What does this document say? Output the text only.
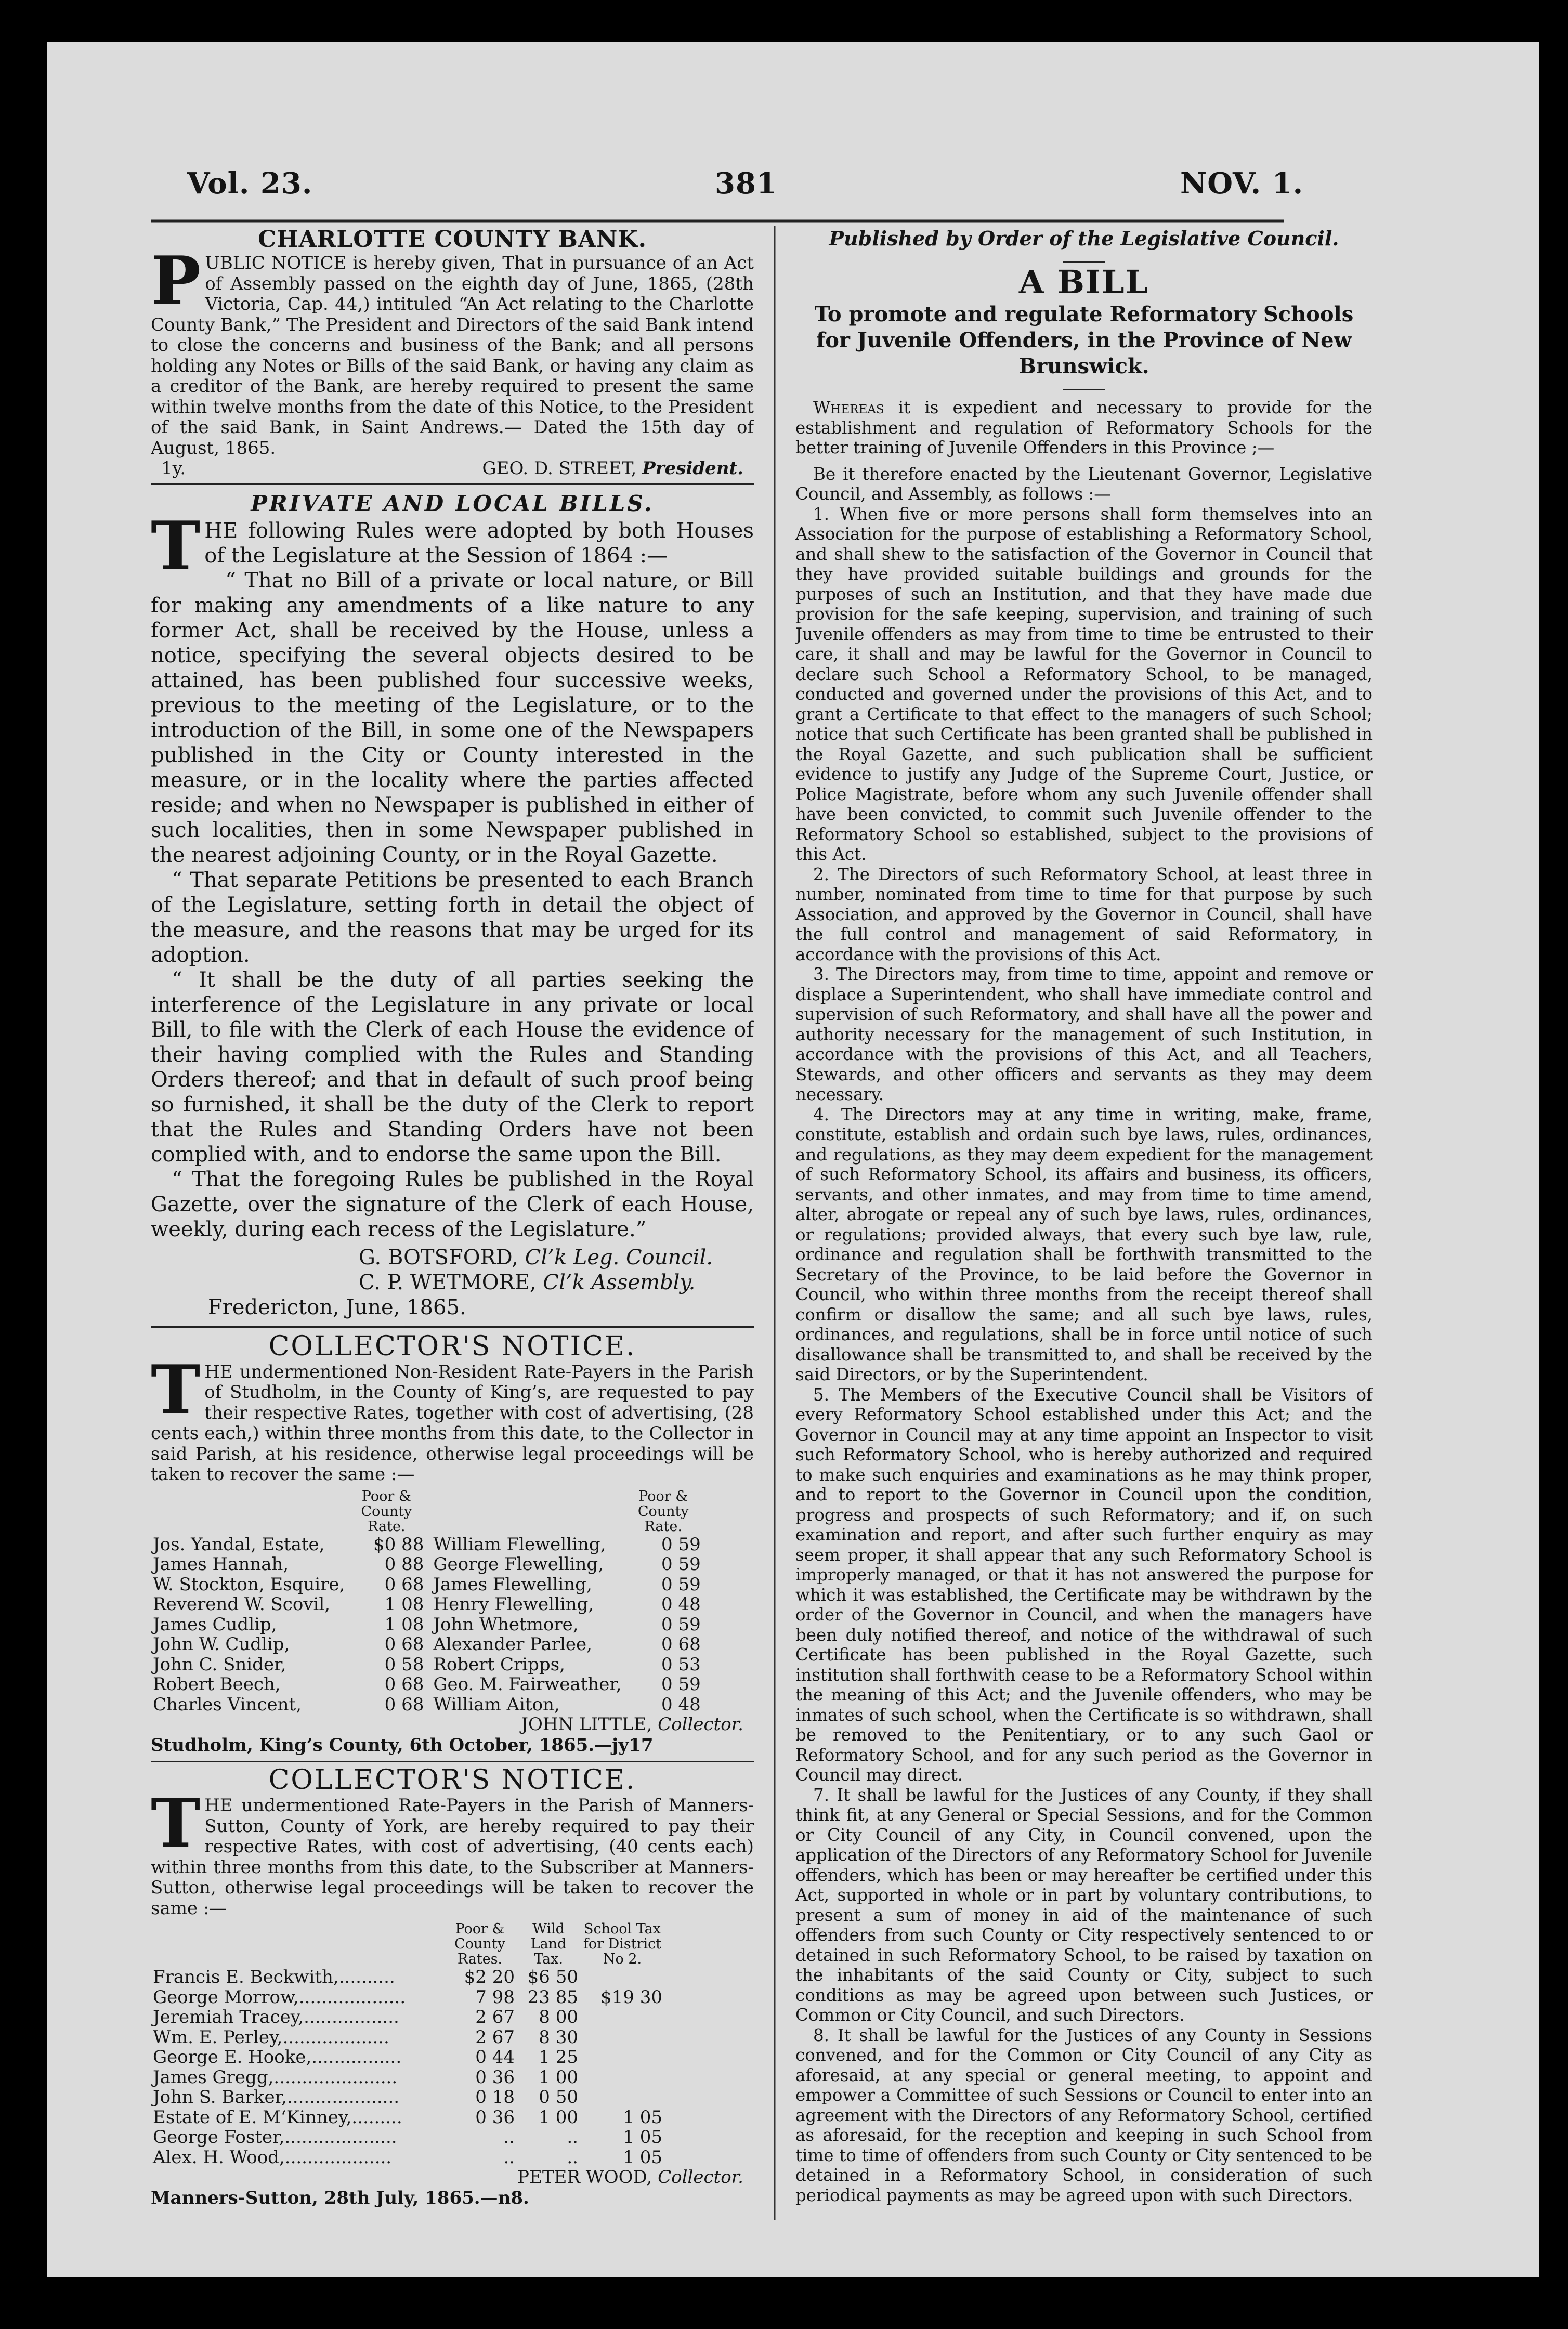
Vol. 23.	381	NOV. 1.
CHARLOTTE COUNTY BANK.

PUBLIC NOTICE is hereby given, That in pursuance of an Act of Assembly passed on the eighth day of June, 1865, (28th Victoria, Cap. 44,) intituled “An Act relating to the Charlotte County Bank,” The President and Directors of the said Bank intend to close the concerns and business of the Bank; and all persons holding any Notes or Bills of the said Bank, or having any claim as a creditor of the Bank, are hereby required to present the same within twelve months from the date of this Notice, to the President of the said Bank, in Saint Andrews.— Dated the 15th day of August, 1865.

1y.	GEO. D. STREET, President.
PRIVATE AND LOCAL BILLS.

THE following Rules were adopted by both Houses of the Legislature at the Session of 1864 :—

“ That no Bill of a private or local nature, or Bill for making any amendments of a like nature to any former Act, shall be received by the House, unless a notice, specifying the several objects desired to be attained, has been published four successive weeks, previous to the meeting of the Legislature, or to the introduction of the Bill, in some one of the Newspapers published in the City or County interested in the measure, or in the locality where the parties affected reside; and when no Newspaper is published in either of such localities, then in some Newspaper published in the nearest adjoining County, or in the Royal Gazette.

“ That separate Petitions be presented to each Branch of the Legislature, setting forth in detail the object of the measure, and the reasons that may be urged for its adoption.

“ It shall be the duty of all parties seeking the interference of the Legislature in any private or local Bill, to file with the Clerk of each House the evidence of their having complied with the Rules and Standing Orders thereof; and that in default of such proof being so furnished, it shall be the duty of the Clerk to report that the Rules and Standing Orders have not been complied with, and to endorse the same upon the Bill.

“ That the foregoing Rules be published in the Royal Gazette, over the signature of the Clerk of each House, weekly, during each recess of the Legislature.”

G. BOTSFORD, Cl’k Leg. Council.
C. P. WETMORE, Cl’k Assembly.
Fredericton, June, 1865.
COLLECTOR'S NOTICE.

THE undermentioned Non-Resident Rate-Payers in the Parish of Studholm, in the County of King’s, are requested to pay their respective Rates, together with cost of advertising, (28 cents each,) within three months from this date, to the Collector in said Parish, at his residence, otherwise legal proceedings will be taken to recover the same :—

	Poor & County Rate.		Poor & County Rate.
Jos. Yandal, Estate,	$0 88	William Flewelling,	0 59
James Hannah,	0 88	George Flewelling,	0 59
W. Stockton, Esquire,	0 68	James Flewelling,	0 59
Reverend W. Scovil,	1 08	Henry Flewelling,	0 48
James Cudlip,	1 08	John Whetmore,	0 59
John W. Cudlip,	0 68	Alexander Parlee,	0 68
John C. Snider,	0 58	Robert Cripps,	0 53
Robert Beech,	0 68	Geo. M. Fairweather,	0 59
Charles Vincent,	0 68	William Aiton,	0 48
JOHN LITTLE, Collector.
Studholm, King’s County, 6th October, 1865.—jy17
COLLECTOR'S NOTICE.

THE undermentioned Rate-Payers in the Parish of Manners-Sutton, County of York, are hereby required to pay their respective Rates, with cost of advertising, (40 cents each) within three months from this date, to the Subscriber at Manners-Sutton, otherwise legal proceedings will be taken to recover the same :—

	Poor & County Rates.	Wild Land Tax.	School Tax for District No 2.
Francis E. Beckwith,..........	$2 20	$6 50	
George Morrow,...................	7 98	23 85	$19 30
Jeremiah Tracey,.................	2 67	8 00	
Wm. E. Perley,...................	2 67	8 30	
George E. Hooke,................	0 44	1 25	
James Gregg,......................	0 36	1 00	
John S. Barker,....................	0 18	0 50	
Estate of E. M‘Kinney,.........	0 36	1 00	1 05
George Foster,....................	..	..	1 05
Alex. H. Wood,...................	..	..	1 05
PETER WOOD, Collector.
Manners-Sutton, 28th July, 1865.—n8.
Published by Order of the Legislative Council.
A BILL
To promote and regulate Reformatory Schools for Juvenile Offenders, in the Province of New Brunswick.

Whereas it is expedient and necessary to provide for the establishment and regulation of Reformatory Schools for the better training of Juvenile Offenders in this Province ;—

Be it therefore enacted by the Lieutenant Governor, Legislative Council, and Assembly, as follows :—

1. When five or more persons shall form themselves into an Association for the purpose of establishing a Reformatory School, and shall shew to the satisfaction of the Governor in Council that they have provided suitable buildings and grounds for the purposes of such an Institution, and that they have made due provision for the safe keeping, supervision, and training of such Juvenile offenders as may from time to time be entrusted to their care, it shall and may be lawful for the Governor in Council to declare such School a Reformatory School, to be managed, conducted and governed under the provisions of this Act, and to grant a Certificate to that effect to the managers of such School; notice that such Certificate has been granted shall be published in the Royal Gazette, and such publication shall be sufficient evidence to justify any Judge of the Supreme Court, Justice, or Police Magistrate, before whom any such Juvenile offender shall have been convicted, to commit such Juvenile offender to the Reformatory School so established, subject to the provisions of this Act.

2. The Directors of such Reformatory School, at least three in number, nominated from time to time for that purpose by such Association, and approved by the Governor in Council, shall have the full control and management of said Reformatory, in accordance with the provisions of this Act.

3. The Directors may, from time to time, appoint and remove or displace a Superintendent, who shall have immediate control and supervision of such Reformatory, and shall have all the power and authority necessary for the management of such Institution, in accordance with the provisions of this Act, and all Teachers, Stewards, and other officers and servants as they may deem necessary.

4. The Directors may at any time in writing, make, frame, constitute, establish and ordain such bye laws, rules, ordinances, and regulations, as they may deem expedient for the management of such Reformatory School, its affairs and business, its officers, servants, and other inmates, and may from time to time amend, alter, abrogate or repeal any of such bye laws, rules, ordinances, or regulations; provided always, that every such bye law, rule, ordinance and regulation shall be forthwith transmitted to the Secretary of the Province, to be laid before the Governor in Council, who within three months from the receipt thereof shall confirm or disallow the same; and all such bye laws, rules, ordinances, and regulations, shall be in force until notice of such disallowance shall be transmitted to, and shall be received by the said Directors, or by the Superintendent.

5. The Members of the Executive Council shall be Visitors of every Reformatory School established under this Act; and the Governor in Council may at any time appoint an Inspector to visit such Reformatory School, who is hereby authorized and required to make such enquiries and examinations as he may think proper, and to report to the Governor in Council upon the condition, progress and prospects of such Reformatory; and if, on such examination and report, and after such further enquiry as may seem proper, it shall appear that any such Reformatory School is improperly managed, or that it has not answered the purpose for which it was established, the Certificate may be withdrawn by the order of the Governor in Council, and when the managers have been duly notified thereof, and notice of the withdrawal of such Certificate has been published in the Royal Gazette, such institution shall forthwith cease to be a Reformatory School within the meaning of this Act; and the Juvenile offenders, who may be inmates of such school, when the Certificate is so withdrawn, shall be removed to the Penitentiary, or to any such Gaol or Reformatory School, and for any such period as the Governor in Council may direct.

7. It shall be lawful for the Justices of any County, if they shall think fit, at any General or Special Sessions, and for the Common or City Council of any City, in Council convened, upon the application of the Directors of any Reformatory School for Juvenile offenders, which has been or may hereafter be certified under this Act, supported in whole or in part by voluntary contributions, to present a sum of money in aid of the maintenance of such offenders from such County or City respectively sentenced to or detained in such Reformatory School, to be raised by taxation on the inhabitants of the said County or City, subject to such conditions as may be agreed upon between such Justices, or Common or City Council, and such Directors.

8. It shall be lawful for the Justices of any County in Sessions convened, and for the Common or City Council of any City as aforesaid, at any special or general meeting, to appoint and empower a Committee of such Sessions or Council to enter into an agreement with the Directors of any Reformatory School, certified as aforesaid, for the reception and keeping in such School from time to time of offenders from such County or City sentenced to be detained in a Reformatory School, in consideration of such periodical payments as may be agreed upon with such Directors.
